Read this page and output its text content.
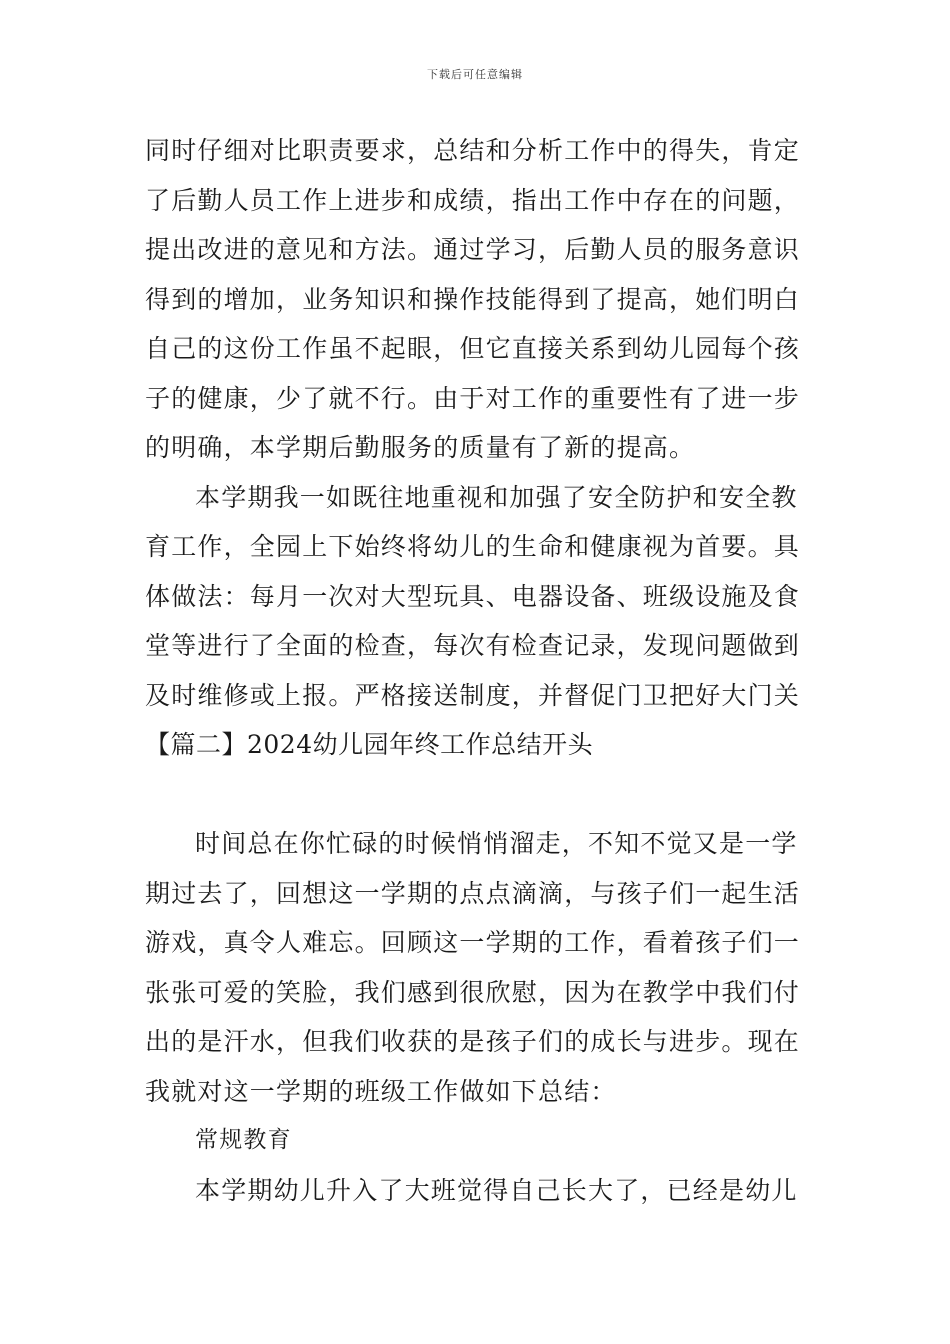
下载后可任意编辑
同时仔细对比职责要求，总结和分析工作中的得失，肯定
了后勤人员工作上进步和成绩，指出工作中存在的问题，
提出改进的意见和方法。通过学习，后勤人员的服务意识
得到的增加，业务知识和操作技能得到了提高，她们明白
自己的这份工作虽不起眼，但它直接关系到幼儿园每个孩
子的健康，少了就不行。由于对工作的重要性有了进一步
的明确，本学期后勤服务的质量有了新的提高。
本学期我一如既往地重视和加强了安全防护和安全教
育工作，全园上下始终将幼儿的生命和健康视为首要。具
体做法：每月一次对大型玩具、电器设备、班级设施及食
堂等进行了全面的检查，每次有检查记录，发现问题做到
及时维修或上报。严格接送制度，并督促门卫把好大门关
【篇二】2024幼儿园年终工作总结开头
时间总在你忙碌的时候悄悄溜走，不知不觉又是一学
期过去了，回想这一学期的点点滴滴，与孩子们一起生活
游戏，真令人难忘。回顾这一学期的工作，看着孩子们一
张张可爱的笑脸，我们感到很欣慰，因为在教学中我们付
出的是汗水，但我们收获的是孩子们的成长与进步。现在
我就对这一学期的班级工作做如下总结：
常规教育
本学期幼儿升入了大班觉得自己长大了，已经是幼儿
